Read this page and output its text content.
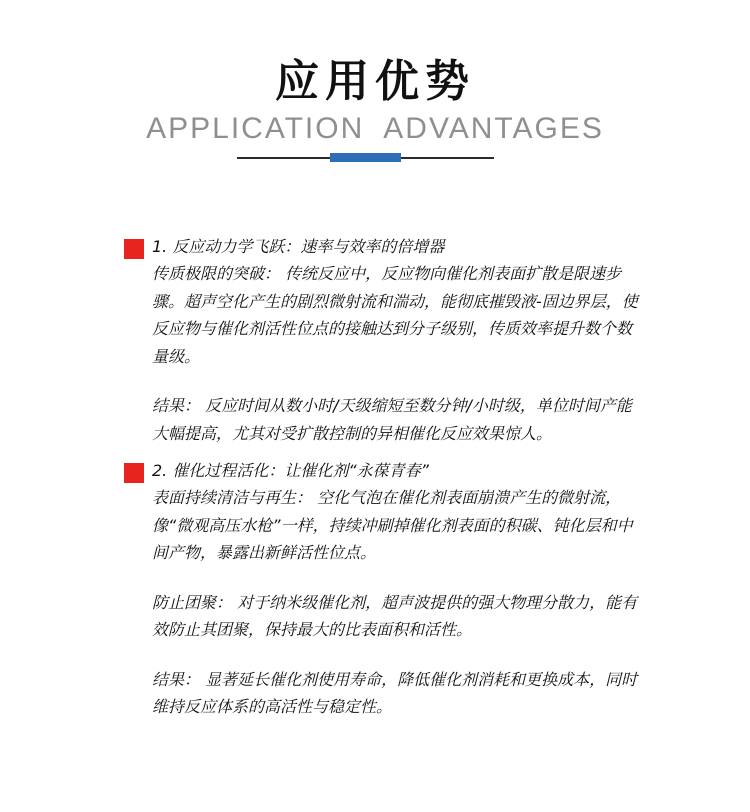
应用优势
APPLICATION  ADVANTAGES
1. 反应动力学飞跃：速率与效率的倍增器
传质极限的突破： 传统反应中，反应物向催化剂表面扩散是限速步骤。超声空化产生的剧烈微射流和湍动，能彻底摧毁液-固边界层，使反应物与催化剂活性位点的接触达到分子级别，传质效率提升数个数量级。
结果： 反应时间从数小时/天级缩短至数分钟/小时级，单位时间产能大幅提高，尤其对受扩散控制的异相催化反应效果惊人。
2. 催化过程活化：让催化剂“永葆青春”
表面持续清洁与再生： 空化气泡在催化剂表面崩溃产生的微射流，像“微观高压水枪”一样，持续冲刷掉催化剂表面的积碳、钝化层和中间产物，暴露出新鲜活性位点。
防止团聚： 对于纳米级催化剂，超声波提供的强大物理分散力，能有效防止其团聚，保持最大的比表面积和活性。
结果： 显著延长催化剂使用寿命，降低催化剂消耗和更换成本，同时维持反应体系的高活性与稳定性。
